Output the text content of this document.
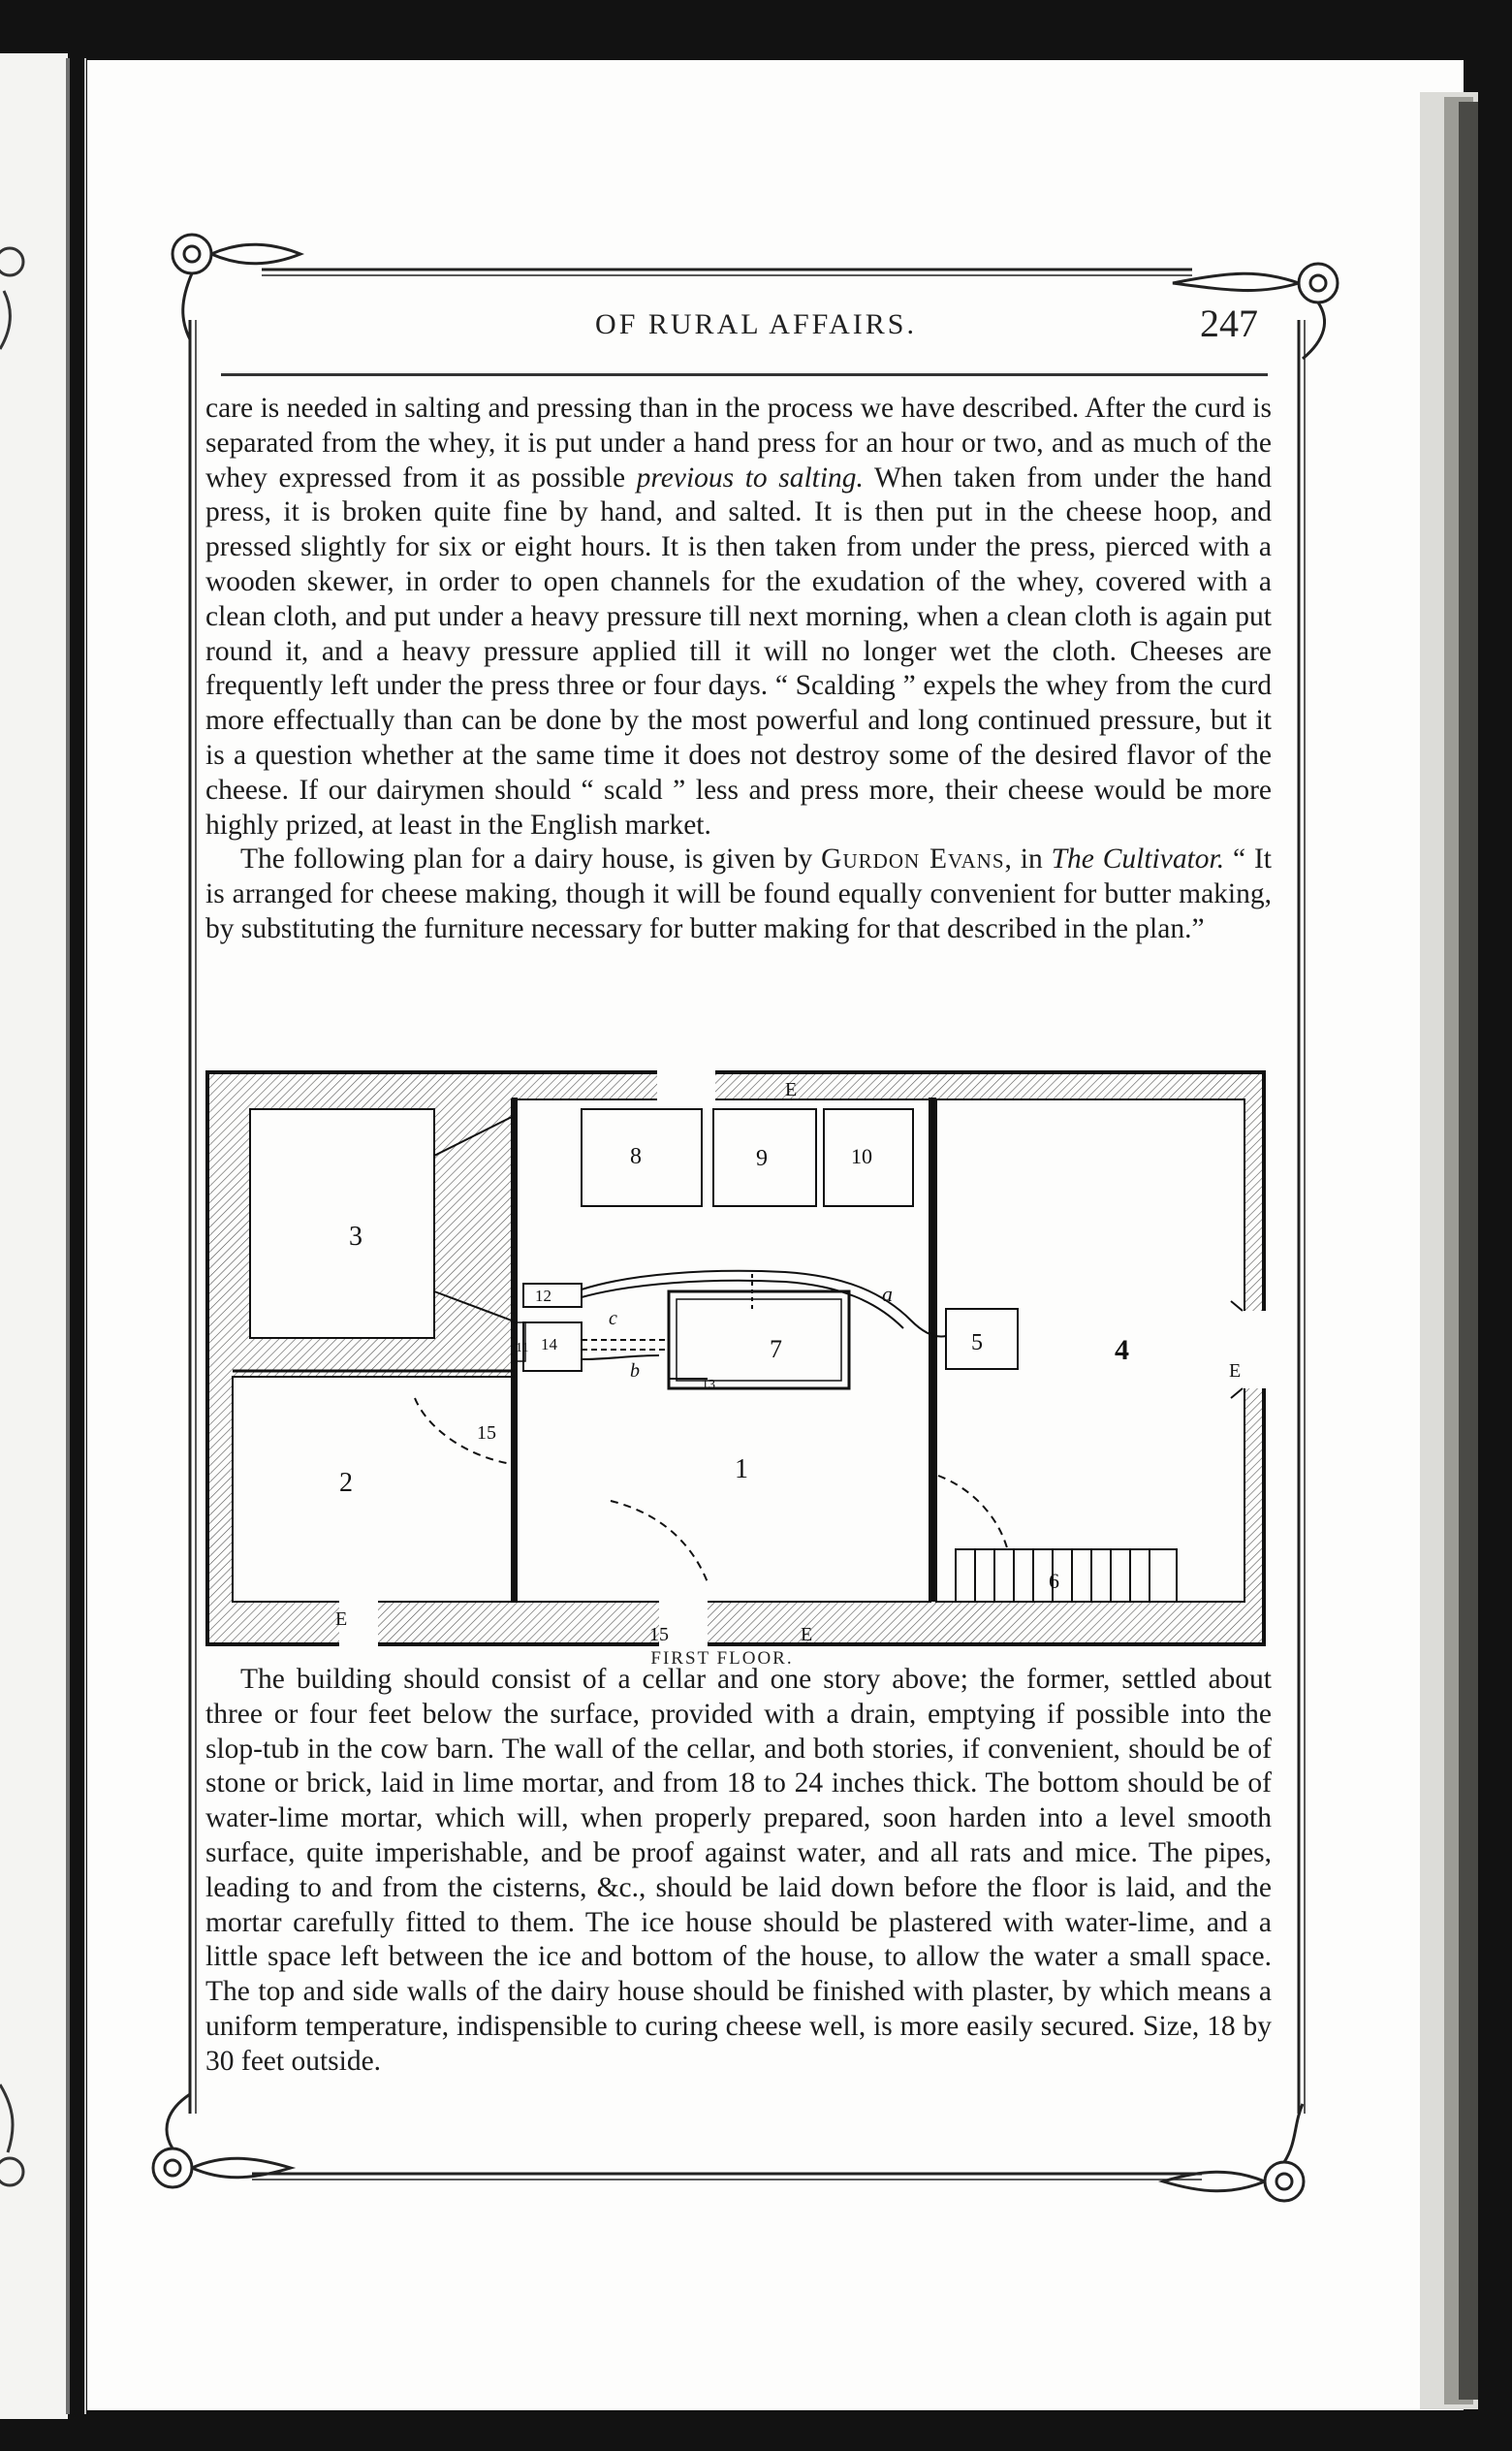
OF RURAL AFFAIRS.	247

care is needed in salting and pressing than in the process we have described. After the curd is separated from the whey, it is put under a hand press for an hour or two, and as much of the whey expressed from it as possible previous to salting. When taken from under the hand press, it is broken quite fine by hand, and salted. It is then put in the cheese hoop, and pressed slightly for six or eight hours. It is then taken from under the press, pierced with a wooden skewer, in order to open channels for the exudation of the whey, covered with a clean cloth, and put under a heavy pressure till next morning, when a clean cloth is again put round it, and a heavy pressure applied till it will no longer wet the cloth. Cheeses are frequently left under the press three or four days. “ Scalding ” expels the whey from the curd more effectually than can be done by the most powerful and long continued pressure, but it is a question whether at the same time it does not destroy some of the desired flavor of the cheese. If our dairymen should “ scald ” less and press more, their cheese would be more highly prized, at least in the English market.

The following plan for a dairy house, is given by Gurdon Evans, in The Cultivator. “ It is arranged for cheese making, though it will be found equally convenient for butter making, by substituting the furniture necessary for butter making for that described in the plan.”

3
2	1
4
5
6
7
8	9	10
11
12
13
14
15
15
a
b
c
E
E
E
E
FIRST FLOOR.

The building should consist of a cellar and one story above; the former, settled about three or four feet below the surface, provided with a drain, emptying if possible into the slop-tub in the cow barn. The wall of the cellar, and both stories, if convenient, should be of stone or brick, laid in lime mortar, and from 18 to 24 inches thick. The bottom should be of water-lime mortar, which will, when properly prepared, soon harden into a level smooth surface, quite imperishable, and be proof against water, and all rats and mice. The pipes, leading to and from the cisterns, &c., should be laid down before the floor is laid, and the mortar carefully fitted to them. The ice house should be plastered with water-lime, and a little space left between the ice and bottom of the house, to allow the water a small space. The top and side walls of the dairy house should be finished with plaster, by which means a uniform temperature, indispensible to curing cheese well, is more easily secured. Size, 18 by 30 feet outside.
